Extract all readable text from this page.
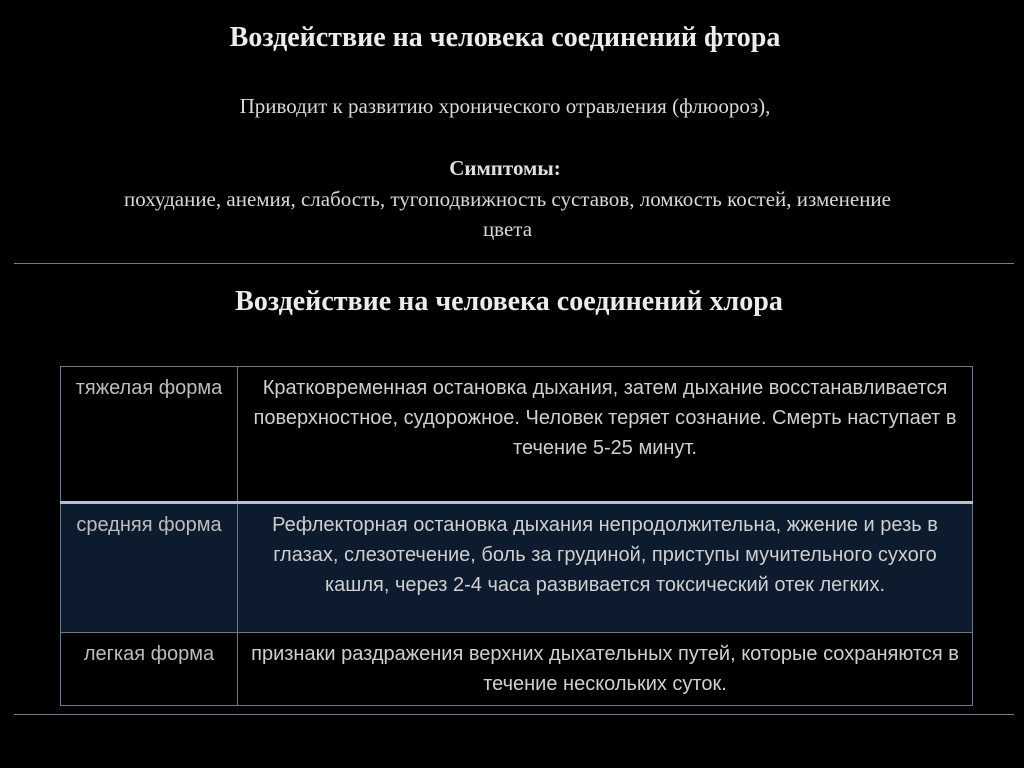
Воздействие на человека соединений фтора
Приводит к развитию хронического отравления (флюороз),
Симптомы:
похудание, анемия, слабость, тугоподвижность суставов, ломкость костей, изменение цвета
Воздействие на человека соединений хлора
тяжелая форма	Кратковременная остановка дыхания, затем дыхание восстанавливается поверхностное, судорожное. Человек теряет сознание. Смерть наступает в течение 5-25 минут.
средняя форма	Рефлекторная остановка дыхания непродолжительна, жжение и резь в глазах, слезотечение, боль за грудиной, приступы мучительного сухого кашля, через 2-4 часа развивается токсический отек легких.
легкая форма	признаки раздражения верхних дыхательных путей, которые сохраняются в течение нескольких суток.
